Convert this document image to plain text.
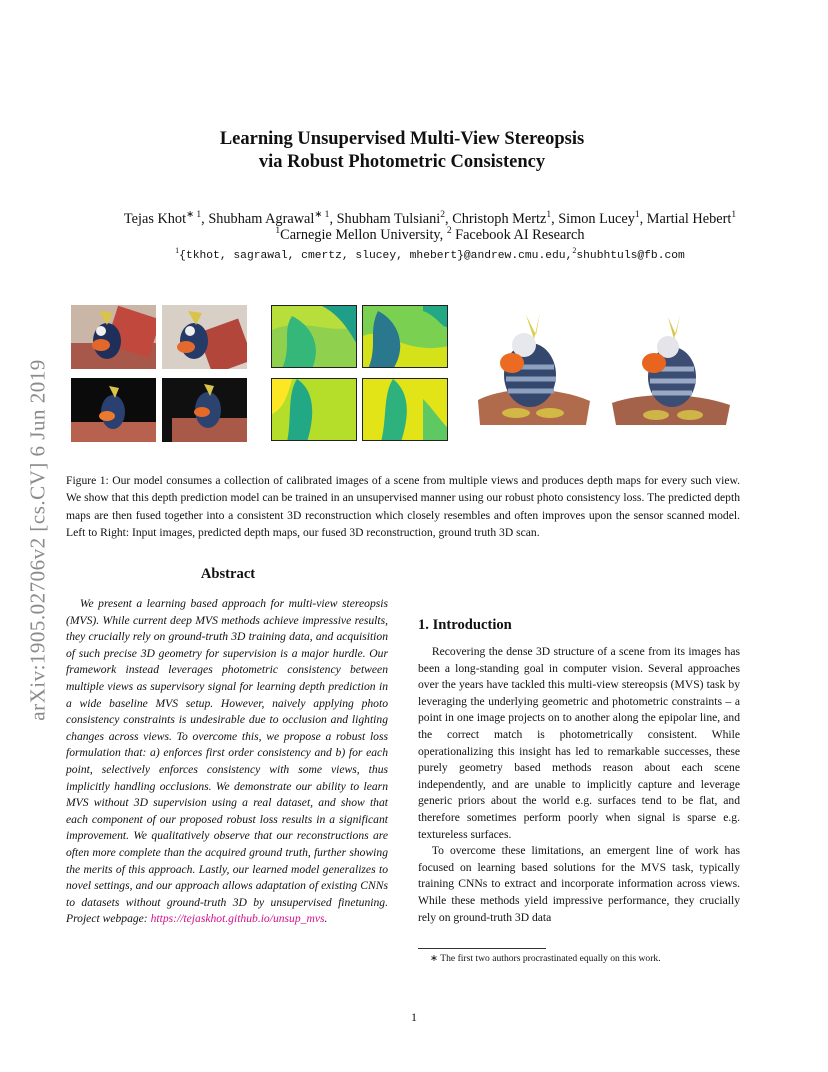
arXiv:1905.02706v2 [cs.CV] 6 Jun 2019
Learning Unsupervised Multi-View Stereopsis
via Robust Photometric Consistency
Tejas Khot$^{∗ 1}$, Shubham Agrawal$^{∗ 1}$, Shubham Tulsiani$^2$, Christoph Mertz$^1$, Simon Lucey$^1$, Martial Hebert$^1$
$^1$Carnegie Mellon University, $^2$ Facebook AI Research
$^1${tkhot, sagrawal, cmertz, slucey, mhebert}@andrew.cmu.edu,$^2$shubhtuls@fb.com
Figure 1: Our model consumes a collection of calibrated images of a scene from multiple views and produces depth maps for every such view. We show that this depth prediction model can be trained in an unsupervised manner using our robust photo consistency loss. The predicted depth maps are then fused together into a consistent 3D reconstruction which closely resembles and often improves upon the sensor scanned model. Left to Right: Input images, predicted depth maps, our fused 3D reconstruction, ground truth 3D scan.
Abstract
We present a learning based approach for multi-view stereopsis (MVS). While current deep MVS methods achieve impressive results, they crucially rely on ground-truth 3D training data, and acquisition of such precise 3D geometry for supervision is a major hurdle. Our framework instead leverages photometric consistency between multiple views as supervisory signal for learning depth prediction in a wide baseline MVS setup. However, naively applying photo consistency constraints is undesirable due to occlusion and lighting changes across views. To overcome this, we propose a robust loss formulation that: a) enforces first order consistency and b) for each point, selectively enforces consistency with some views, thus implicitly handling occlusions. We demonstrate our ability to learn MVS without 3D supervision using a real dataset, and show that each component of our proposed robust loss results in a significant improvement. We qualitatively observe that our reconstructions are often more complete than the acquired ground truth, further showing the merits of this approach. Lastly, our learned model generalizes to novel settings, and our approach allows adaptation of existing CNNs to datasets without ground-truth 3D by unsupervised finetuning. Project webpage: https://tejaskhot.github.io/unsup_mvs.
1. Introduction

Recovering the dense 3D structure of a scene from its images has been a long-standing goal in computer vision. Several approaches over the years have tackled this multi-view stereopsis (MVS) task by leveraging the underlying geometric and photometric constraints – a point in one image projects on to another along the epipolar line, and the correct match is photometrically consistent. While operationalizing this insight has led to remarkable successes, these purely geometry based methods reason about each scene independently, and are unable to implicitly capture and leverage generic priors about the world e.g. surfaces tend to be flat, and therefore sometimes perform poorly when signal is sparse e.g. textureless surfaces.

To overcome these limitations, an emergent line of work has focused on learning based solutions for the MVS task, typically training CNNs to extract and incorporate information across views. While these methods yield impressive performance, they crucially rely on ground-truth 3D data

∗ The first two authors procrastinated equally on this work.
1
